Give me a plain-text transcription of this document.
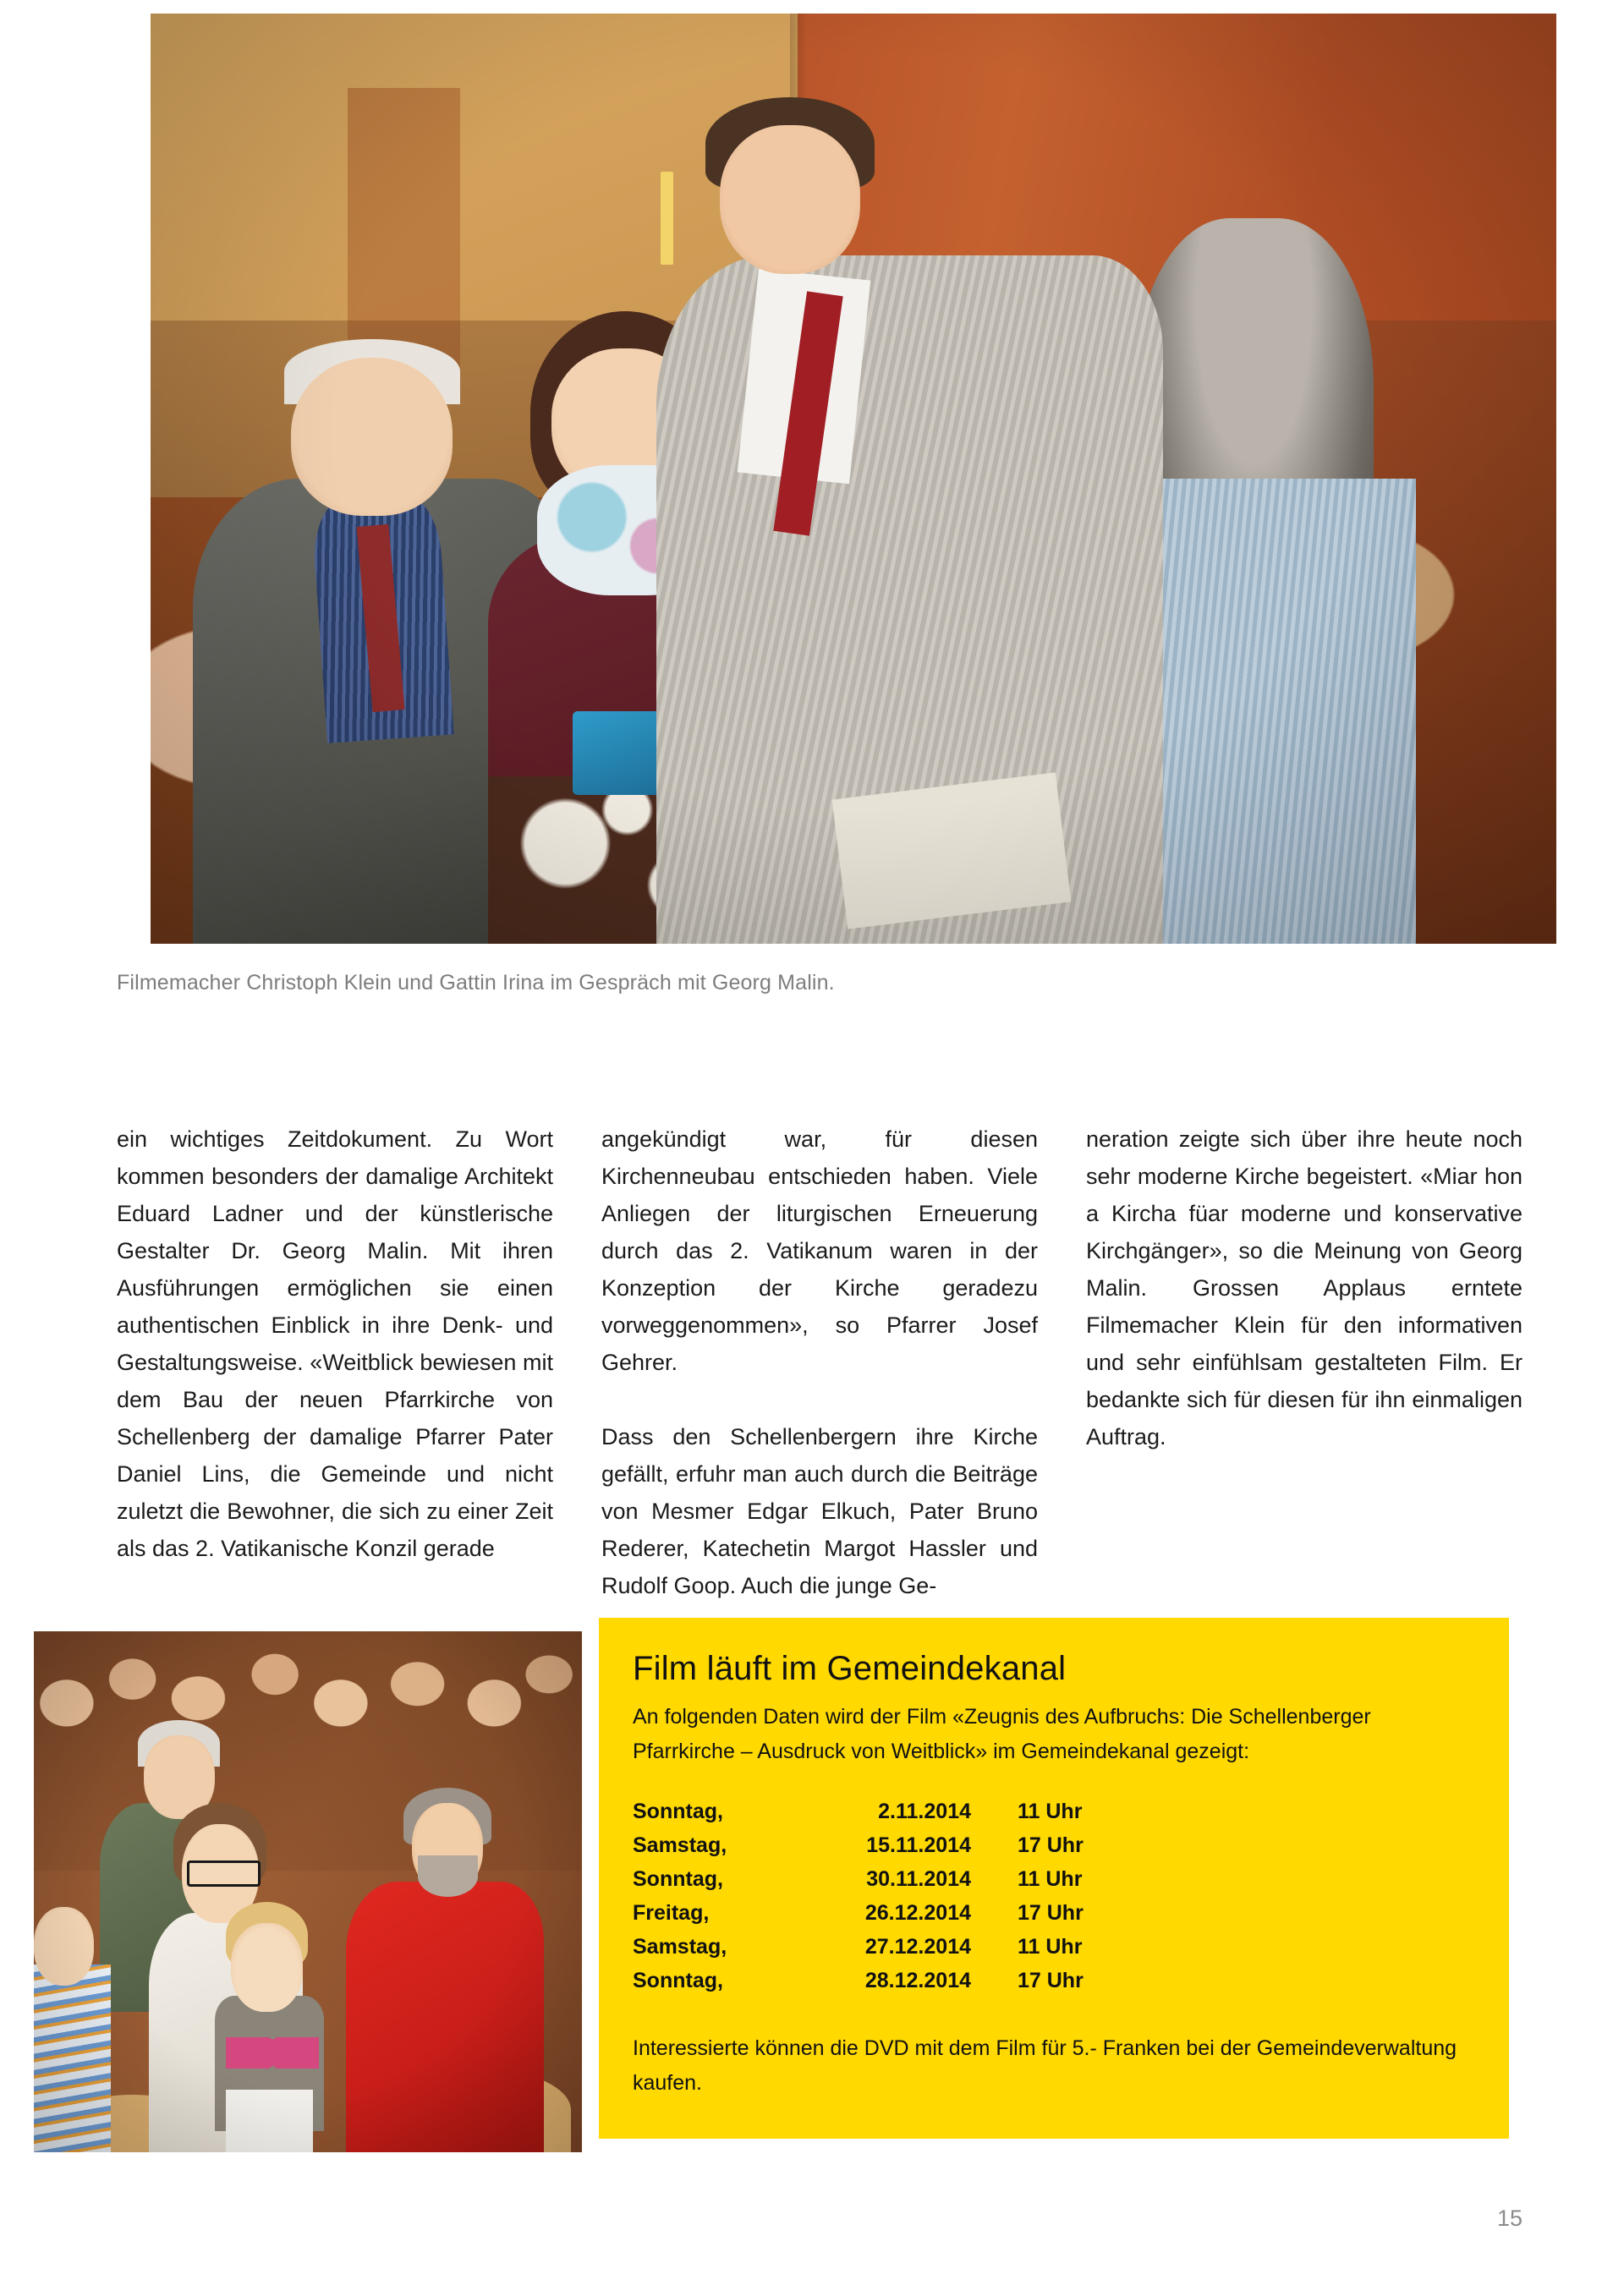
Filmemacher Christoph Klein und Gattin Irina im Gespräch mit Georg Malin.

ein wichtiges Zeitdokument. Zu Wort kommen besonders der damalige Architekt Eduard Ladner und der künstlerische Gestalter Dr. Georg Malin. Mit ihren Ausführungen ermöglichen sie einen authentischen Einblick in ihre Denk- und Gestaltungsweise. «Weitblick bewiesen mit dem Bau der neuen Pfarrkirche von Schellenberg der damalige Pfarrer Pater Daniel Lins, die Gemeinde und nicht zuletzt die Bewohner, die sich zu einer Zeit als das 2. Vatikanische Konzil gerade

angekündigt war, für diesen Kirchenneubau entschieden haben. Viele Anliegen der liturgischen Erneuerung durch das 2. Vatikanum waren in der Konzeption der Kirche geradezu vorweggenommen», so Pfarrer Josef Gehrer.

Dass den Schellenbergern ihre Kirche gefällt, erfuhr man auch durch die Beiträge von Mesmer Edgar Elkuch, Pater Bruno Rederer, Katechetin Margot Hassler und Rudolf Goop. Auch die junge Ge-

neration zeigte sich über ihre heute noch sehr moderne Kirche begeistert. «Miar hon a Kircha füar moderne und konservative Kirchgänger», so die Meinung von Georg Malin. Grossen Applaus erntete Filmemacher Klein für den informativen und sehr einfühlsam gestalteten Film. Er bedankte sich für diesen für ihn einmaligen Auftrag.

Film läuft im Gemeindekanal

An folgenden Daten wird der Film «Zeugnis des Aufbruchs: Die Schellenberger Pfarrkirche – Ausdruck von Weitblick» im Gemeindekanal gezeigt:

Sonntag,	2.11.2014	11 Uhr
Samstag,	15.11.2014	17 Uhr
Sonntag,	30.11.2014	11 Uhr
Freitag,	26.12.2014	17 Uhr
Samstag,	27.12.2014	11 Uhr
Sonntag,	28.12.2014	17 Uhr

Interessierte können die DVD mit dem Film für 5.- Franken bei der Gemeindeverwaltung kaufen.

15
